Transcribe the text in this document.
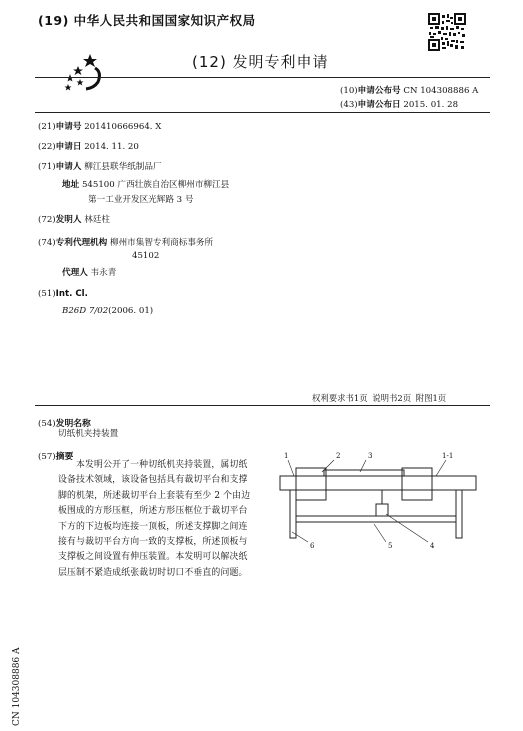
(19) 中华人民共和国国家知识产权局
(12) 发明专利申请
(10)申请公布号 CN 104308886 A
(43)申请公布日 2015. 01. 28
(21)申请号 201410666964. X
(22)申请日 2014. 11. 20
(71)申请人 柳江县联华纸制品厂
地址 545100 广西壮族自治区柳州市柳江县
第一工业开发区光辉路 3 号
(72)发明人 林廷柱
(74)专利代理机构 柳州市集智专利商标事务所
45102
代理人 韦永青
(51)Int. Cl.
B26D 7/02(2006. 01)
权利要求书1页 说明书2页 附图1页
(54)发明名称
切纸机夹持装置
(57)摘要
本发明公开了一种切纸机夹持装置，属切纸
设备技术领域，该设备包括具有裁切平台和支撑
脚的机架，所述裁切平台上套装有至少 2 个由边
板围成的方形压框，所述方形压框位于裁切平台
下方的下边板均连接一顶板，所述支撑脚之间连
接有与裁切平台方向一致的支撑板，所述顶板与
支撑板之间设置有伸压装置。本发明可以解决纸
层压制不紧造成纸张裁切时切口不垂直的问题。
1	2	3	1-1
6	5	4
CN 104308886 A
